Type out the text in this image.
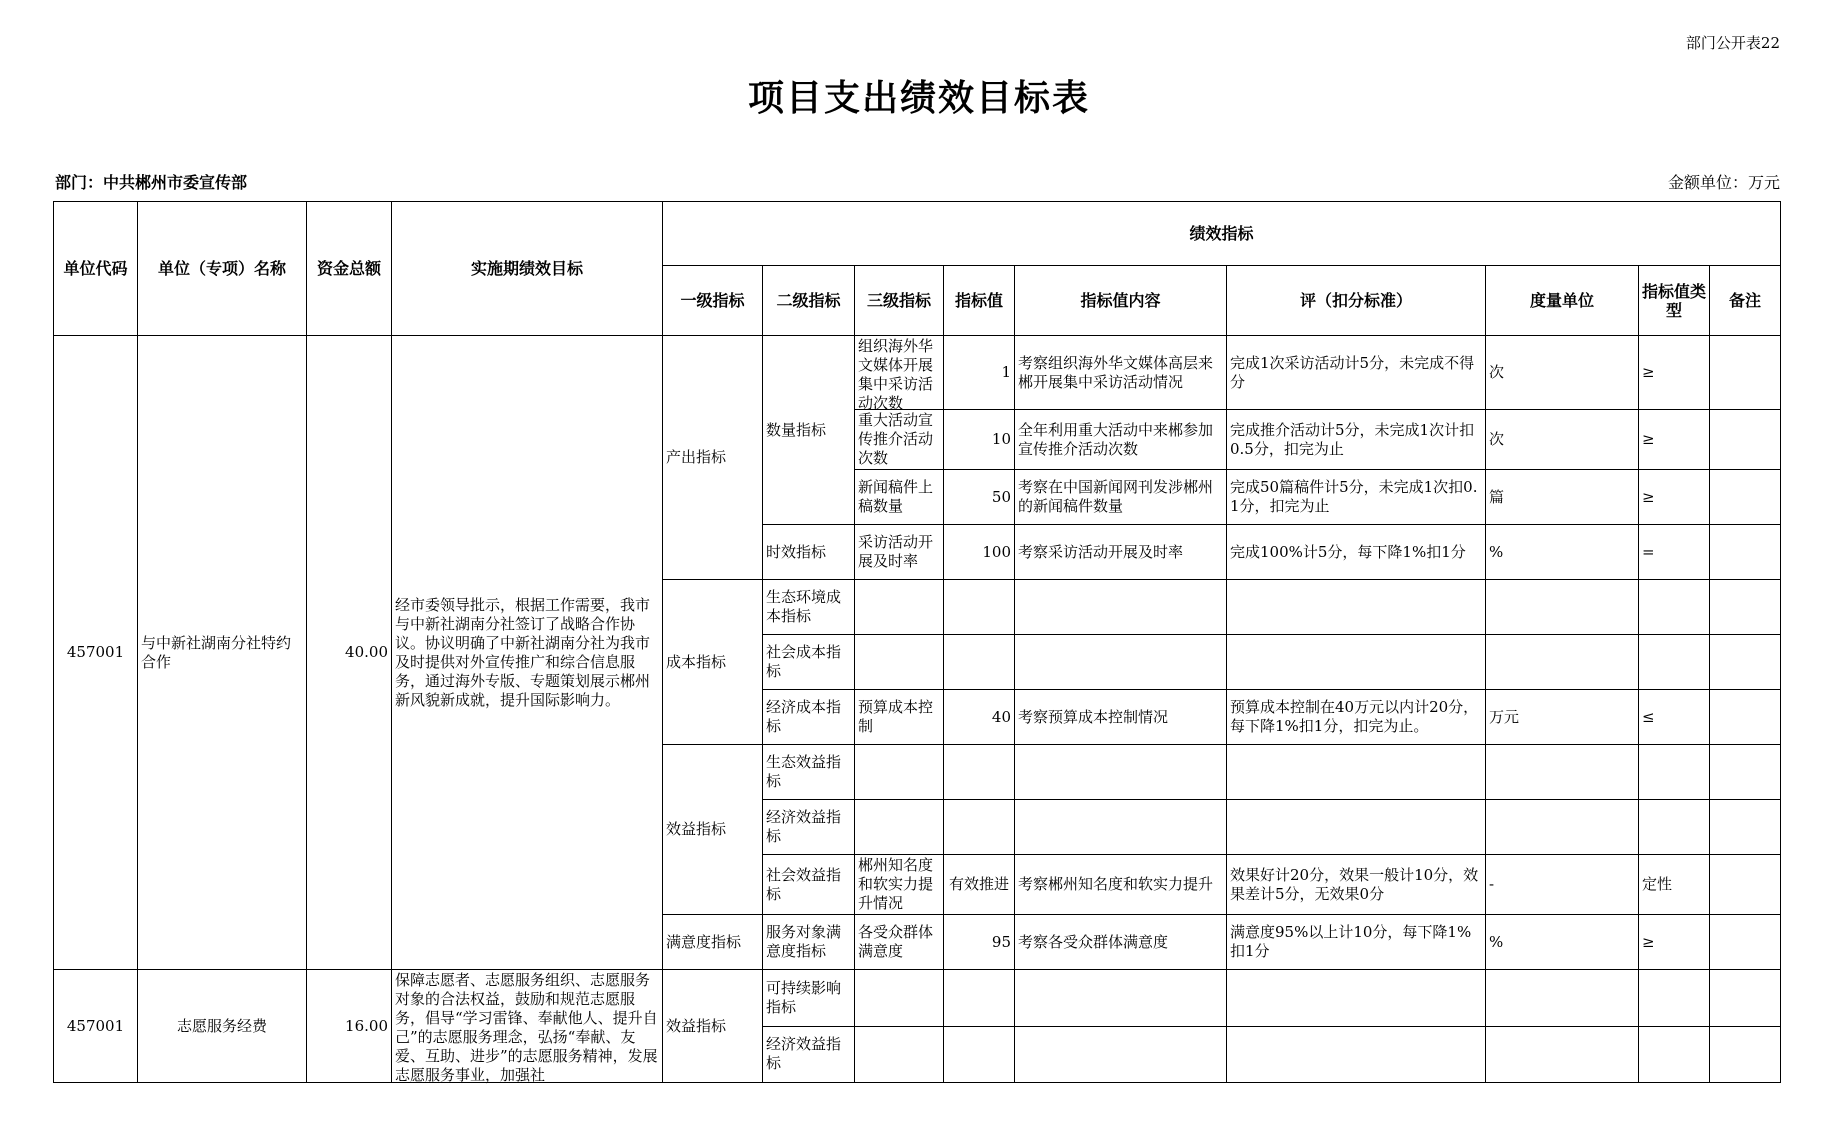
部门公开表22
项目支出绩效目标表
部门：中共郴州市委宣传部	金额单位：万元
单位代码	单位（专项）名称	资金总额	实施期绩效目标	绩效指标								
				一级指标	二级指标	三级指标	指标值	指标值内容	评（扣分标准）	度量单位	指标值类型	备注
457001	与中新社湖南分社特约合作	40.00	经市委领导批示，根据工作需要，我市与中新社湖南分社签订了战略合作协议。协议明确了中新社湖南分社为我市及时提供对外宣传推广和综合信息服务，通过海外专版、专题策划展示郴州新风貌新成就，提升国际影响力。	产出指标	数量指标	组织海外华文媒体开展集中采访活动次数	1	考察组织海外华文媒体高层来郴开展集中采访活动情况	完成1次采访活动计5分，未完成不得分	次	≥	

						重大活动宣传推介活动次数	10	全年利用重大活动中来郴参加宣传推介活动次数	完成推介活动计5分，未完成1次计扣0.5分，扣完为止	次	≥	
						新闻稿件上稿数量	50	考察在中国新闻网刊发涉郴州的新闻稿件数量	完成50篇稿件计5分，未完成1次扣0.1分，扣完为止	篇	≥	
					时效指标	采访活动开展及时率	100	考察采访活动开展及时率	完成100%计5分，每下降1%扣1分	%	=	
				成本指标	生态环境成本指标							
					社会成本指标							
					经济成本指标	预算成本控制	40	考察预算成本控制情况	预算成本控制在40万元以内计20分，每下降1%扣1分，扣完为止。	万元	≤	
				效益指标	生态效益指标							
					经济效益指标							
					社会效益指标	郴州知名度和软实力提升情况	有效推进	考察郴州知名度和软实力提升	效果好计20分，效果一般计10分，效果差计5分，无效果0分	-	定性	
				满意度指标	服务对象满意度指标	各受众群体满意度	95	考察各受众群体满意度	满意度95%以上计10分，每下降1%扣1分	%	≥	
457001	志愿服务经费	16.00	保障志愿者、志愿服务组织、志愿服务对象的合法权益，鼓励和规范志愿服务，倡导“学习雷锋、奉献他人、提升自己”的志愿服务理念，弘扬“奉献、友爱、互助、进步”的志愿服务精神，发展志愿服务事业，加强社	效益指标	可持续影响指标							
					经济效益指标							
